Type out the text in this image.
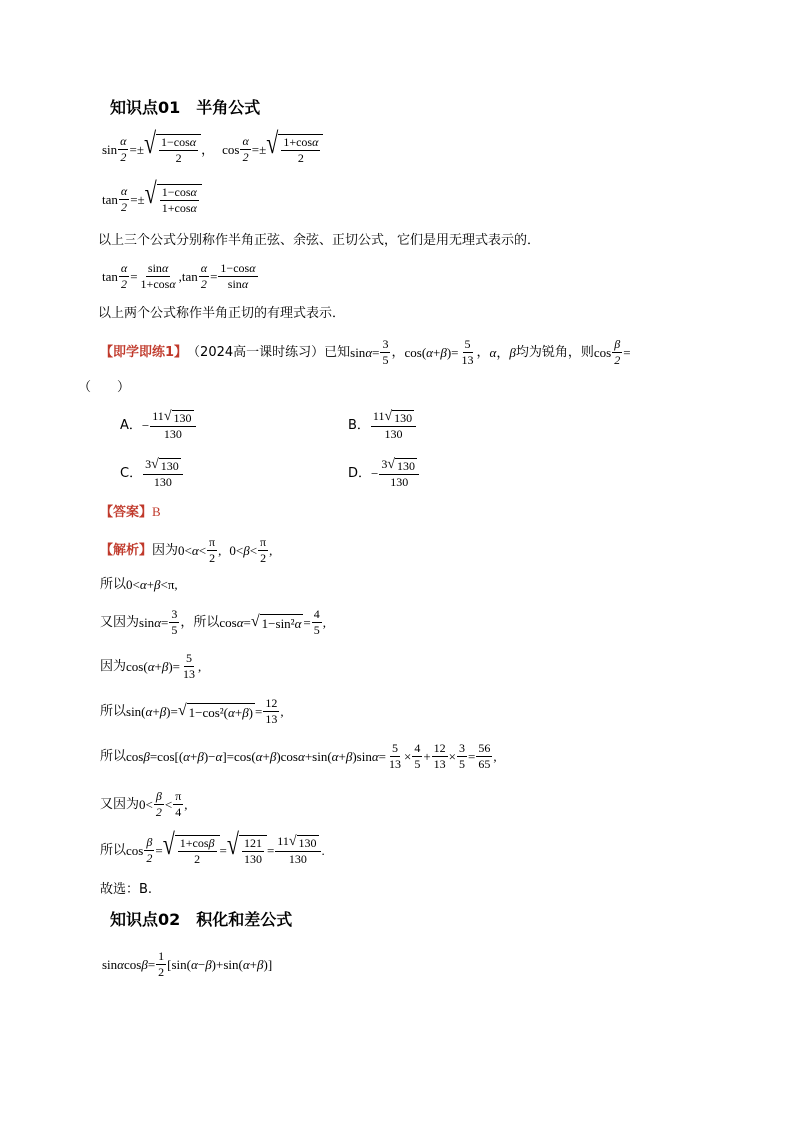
知识点01　半角公式
$\sin \frac{\alpha}{2}$ =± √ $\frac{1-\cos\alpha}{2}$ ， $\cos \frac{\alpha}{2}$ =± √ $\frac{1+\cos\alpha}{2}$
$\tan \frac{\alpha}{2}$ =± √ $\frac{1-\cos\alpha}{1+\cos\alpha}$
以上三个公式分别称作半角正弦、余弦、正切公式，它们是用无理式表示的．
$\tan \frac{\alpha}{2} = \frac{\sin\alpha}{1+\cos\alpha} ,\tan \frac{\alpha}{2} = \frac{1-\cos\alpha}{\sin\alpha}$
以上两个公式称作半角正切的有理式表示．
【即学即练1】 （2024高一课时练习）已知 $\sin \alpha = \frac{3}{5}$ ， cos( α + β )= $\frac{5}{13}$ ， α ， β 均为锐角，则 $\cos \frac{\beta}{2}$ =
（　　）
A． − $\frac{11 √ 130}{130}$	B． $\frac{11 √ 130}{130}$
C． $\frac{3 √ 130}{130}$	D． − $\frac{3 √ 130}{130}$
【答案】B
【解析】 因为 $0< \alpha < \frac{\pi}{2}$ , $0< \beta < \frac{\pi}{2}$ ,
所以 0< α + β <π,
又因为 $\sin \alpha = \frac{3}{5}$ ，所以 cos α = √ 1−sin² $\alpha = \frac{4}{5}$ ,
因为 cos( α + β )= $\frac{5}{13}$ ,
所以 sin( α + β )= √ 1−cos²( α + β ) = $\frac{12}{13}$ ,
所以 cos β =cos[( α + β )− α ]=cos( α + β )cos α +sin( α + β )sin $\alpha = \frac{5}{13} \times \frac{4}{5} + \frac{12}{13} \times \frac{3}{5} = \frac{56}{65}$ ,
又因为 $0< \frac{\beta}{2} < \frac{\pi}{4}$ ,
所以 $\cos \frac{\beta}{2}$ = √ $\frac{1+\cos\beta}{2}$ = √ $\frac{121}{130} = \frac{11 √ 130}{130}$ .
故选：B.
知识点02　积化和差公式
sin α $\cos \beta = \frac{1}{2} [\sin$( α − β )+sin( α + β )]
